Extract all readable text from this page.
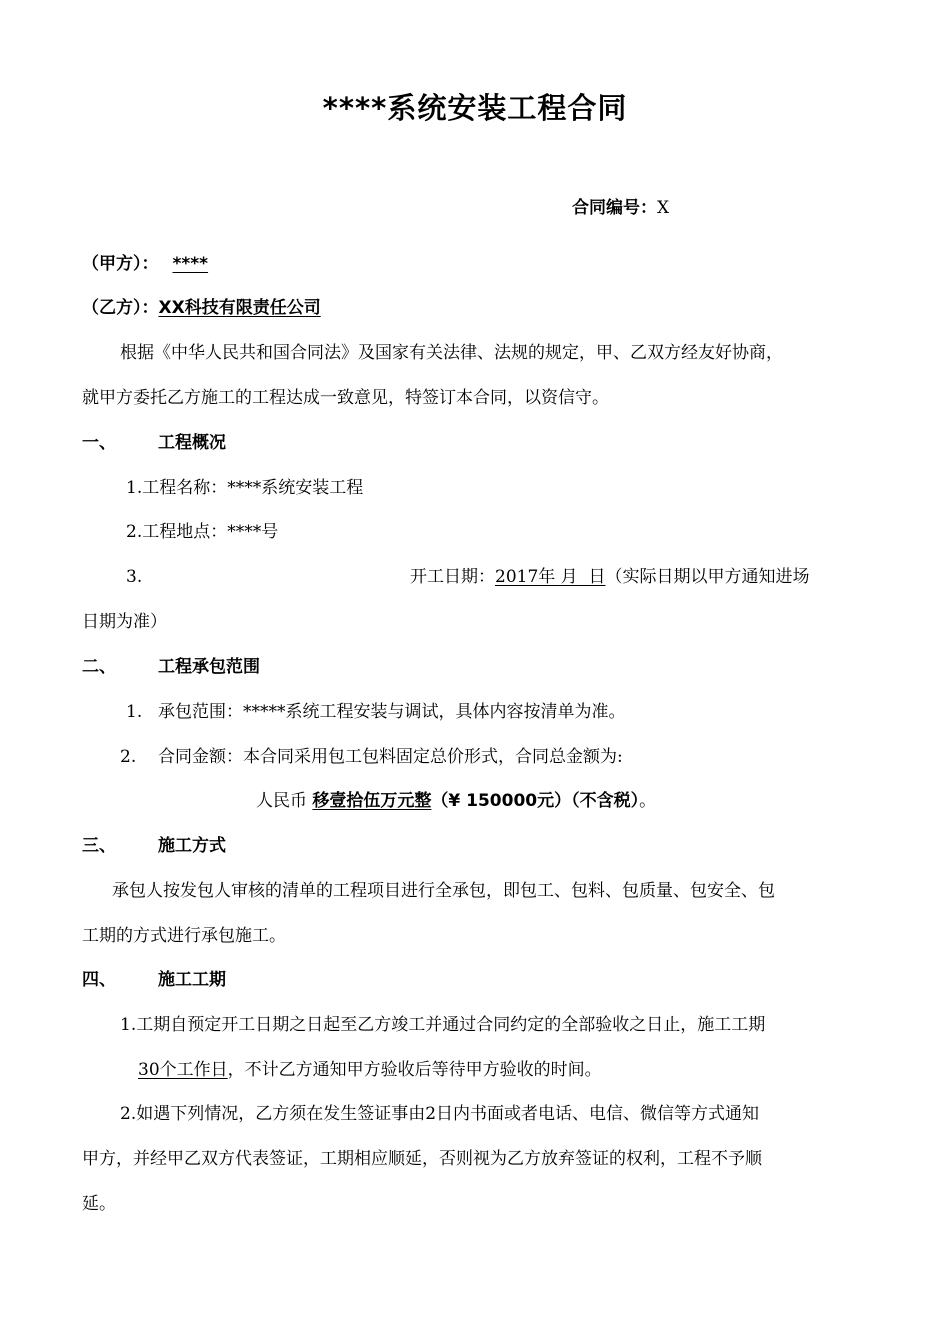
****系统安装工程合同
合同编号：X
（甲方）： ****
（乙方）：XX科技有限责任公司
根据《中华人民共和国合同法》及国家有关法律、法规的规定，甲、乙双方经友好协商，
就甲方委托乙方施工的工程达成一致意见，特签订本合同，以资信守。
一、 工程概况
1.工程名称：****系统安装工程
2.工程地点：****号
3.	开工日期：2017年 月  日（实际日期以甲方通知进场
日期为准）
二、 工程承包范围
1. 承包范围：*****系统工程安装与调试，具体内容按清单为准。
2. 合同金额：本合同采用包工包料固定总价形式，合同总金额为:
人民币 移壹拾伍万元整（¥ 150000元）（不含税）。
三、 施工方式
承包人按发包人审核的清单的工程项目进行全承包，即包工、包料、包质量、包安全、包
工期的方式进行承包施工。
四、 施工工期
1.工期自预定开工日期之日起至乙方竣工并通过合同约定的全部验收之日止，施工工期
30个工作日，不计乙方通知甲方验收后等待甲方验收的时间。
2.如遇下列情况，乙方须在发生签证事由2日内书面或者电话、电信、微信等方式通知
甲方，并经甲乙双方代表签证，工期相应顺延，否则视为乙方放弃签证的权利，工程不予顺
延。
